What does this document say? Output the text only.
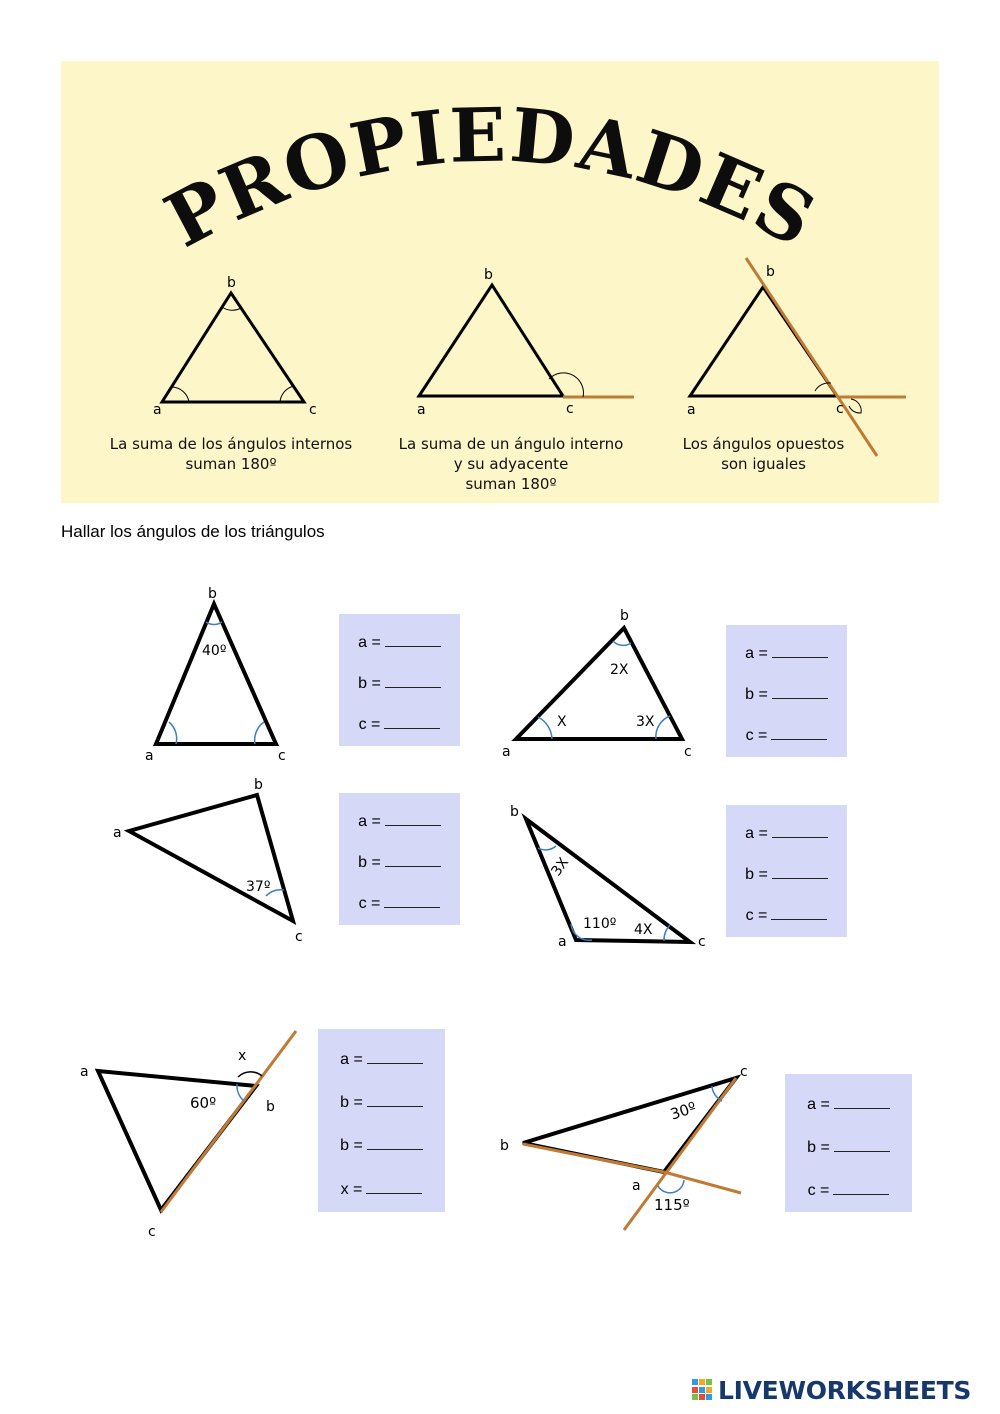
PROPIEDADES
a
b
c	a
b
c	a
b
c
La suma de los ángulos internos
suman 180º
La suma de un ángulo interno
y su adyacente
suman 180º
Los ángulos opuestos
son iguales
Hallar los ángulos de los triángulos
40º
a
b
c
2X
X	3X
a
b
c
37º
a
b
c
3X
110º 4X
a
b
c
60º
x
a
b
c
30º
115º
a
b
c
a =
b =
c =
a =
b =
c =
a =
b =
c =
a =
b =
c =
a =
b =
b =
x =
a =
b =
c =
LIVEWORKSHEETS
